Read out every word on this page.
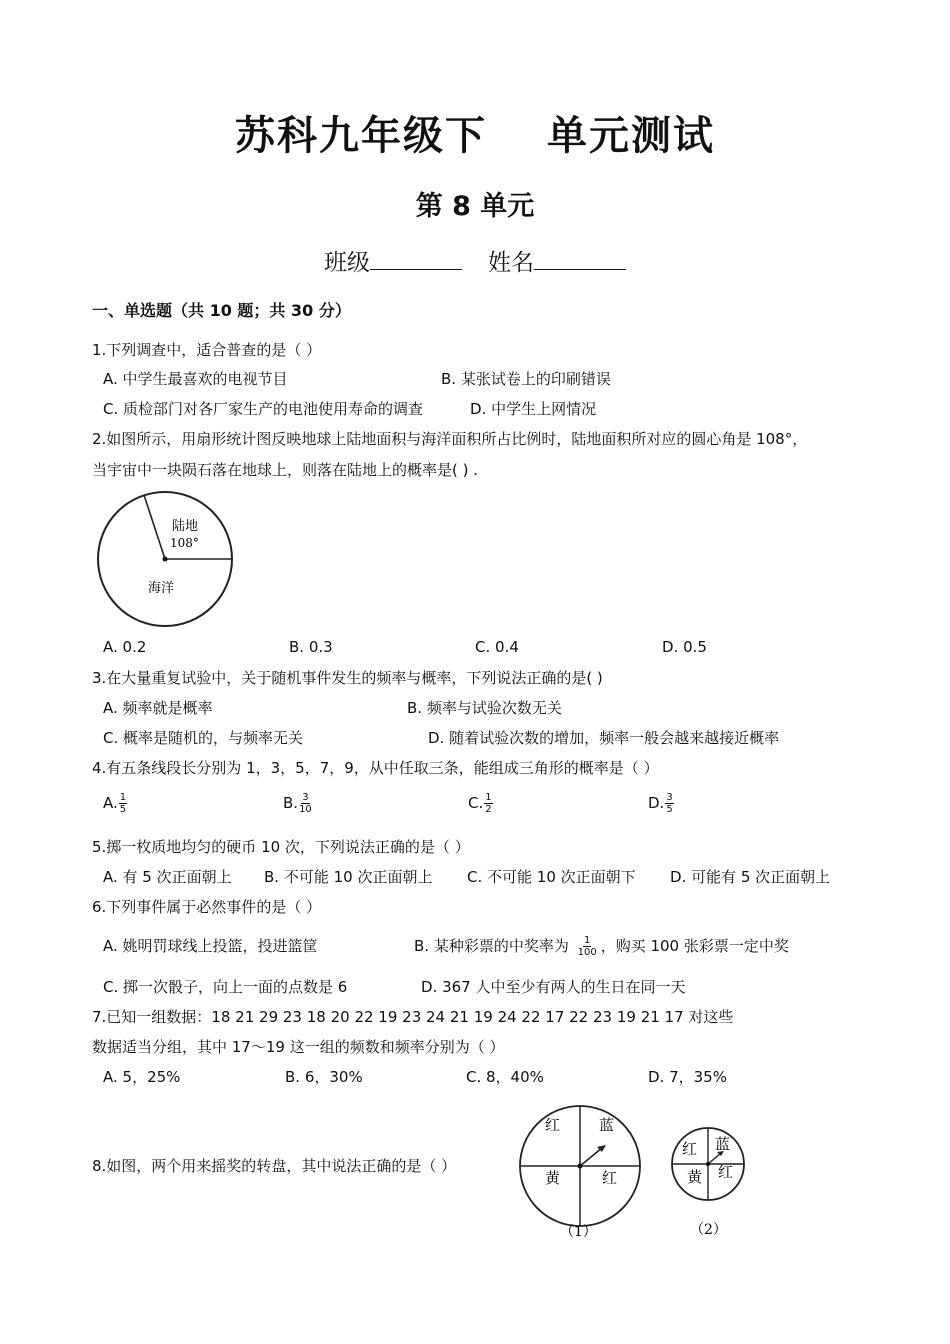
苏科九年级下 单元测试
第 8 单元
班级	姓名
一、单选题（共 10 题；共 30 分）
1.下列调查中，适合普查的是（ ）
A. 中学生最喜欢的电视节目	B. 某张试卷上的印刷错误
C. 质检部门对各厂家生产的电池使用寿命的调查	D. 中学生上网情况
2.如图所示，用扇形统计图反映地球上陆地面积与海洋面积所占比例时，陆地面积所对应的圆心角是 108°，
当宇宙中一块陨石落在地球上，则落在陆地上的概率是( ) .
陆地
108°
海洋
A. 0.2	B. 0.3	C. 0.4	D. 0.5
3.在大量重复试验中，关于随机事件发生的频率与概率，下列说法正确的是( )
A. 频率就是概率	B. 频率与试验次数无关
C. 概率是随机的，与频率无关	D. 随着试验次数的增加，频率一般会越来越接近概率
4.有五条线段长分别为 1，3，5，7，9，从中任取三条，能组成三角形的概率是（ ）
A. $\frac{1}{5}$	B. $\frac{3}{10}$	C. $\frac{1}{2}$	D. $\frac{3}{5}$
5.掷一枚质地均匀的硬币 10 次，下列说法正确的是（ ）
A. 有 5 次正面朝上 B. 不可能 10 次正面朝上 C. 不可能 10 次正面朝下 D. 可能有 5 次正面朝上
6.下列事件属于必然事件的是（ ）
A. 姚明罚球线上投篮，投进篮筐	B. 某种彩票的中奖率为 $\frac{1}{100}$ ，购买 100 张彩票一定中奖
C. 掷一次骰子，向上一面的点数是 6	D. 367 人中至少有两人的生日在同一天
7.已知一组数据：18 21 29 23 18 20 22 19 23 24 21 19 24 22 17 22 23 19 21 17 对这些
数据适当分组，其中 17～19 这一组的频数和频率分别为（ ）
A. 5，25%	B. 6，30%	C. 8，40%	D. 7，35%
8.如图，两个用来摇奖的转盘，其中说法正确的是（ ）
红	蓝
黄	红
（1）
红 蓝
黄 红
（2）
